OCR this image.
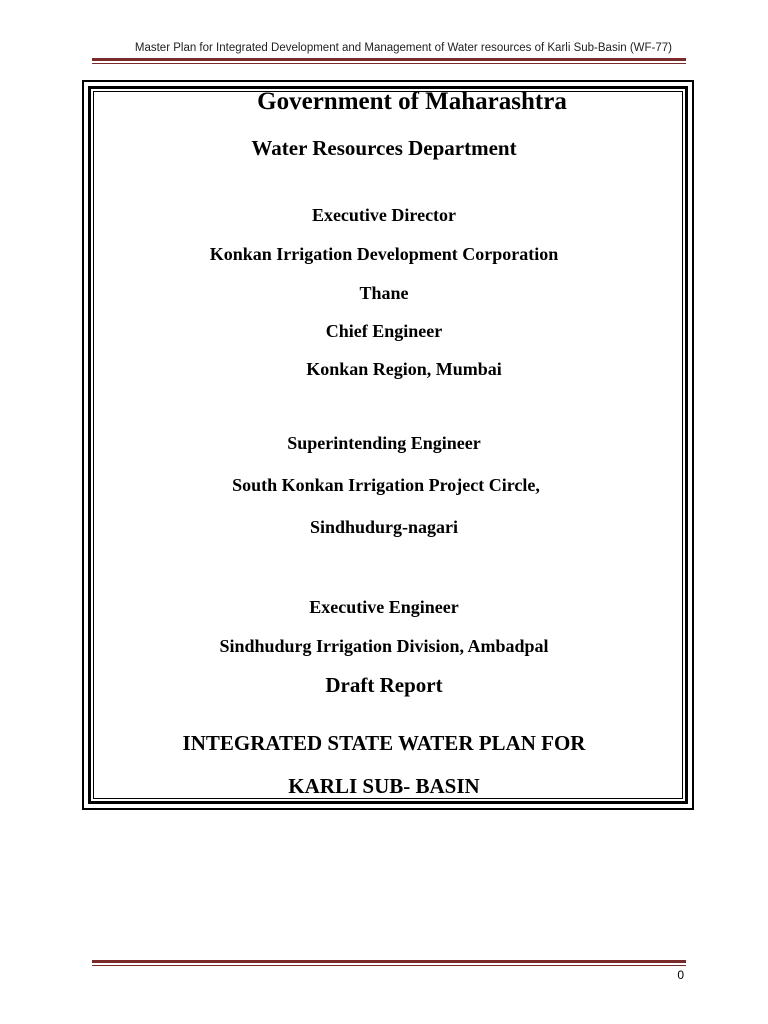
Master Plan for Integrated Development and Management of Water resources of Karli Sub-Basin (WF-77)
Government of Maharashtra
Water Resources Department
Executive Director
Konkan Irrigation Development Corporation
Thane
Chief Engineer
Konkan Region, Mumbai
Superintending Engineer
South Konkan Irrigation Project Circle,
Sindhudurg-nagari
Executive Engineer
Sindhudurg Irrigation Division, Ambadpal
Draft Report
INTEGRATED STATE WATER PLAN FOR
KARLI SUB- BASIN
0
